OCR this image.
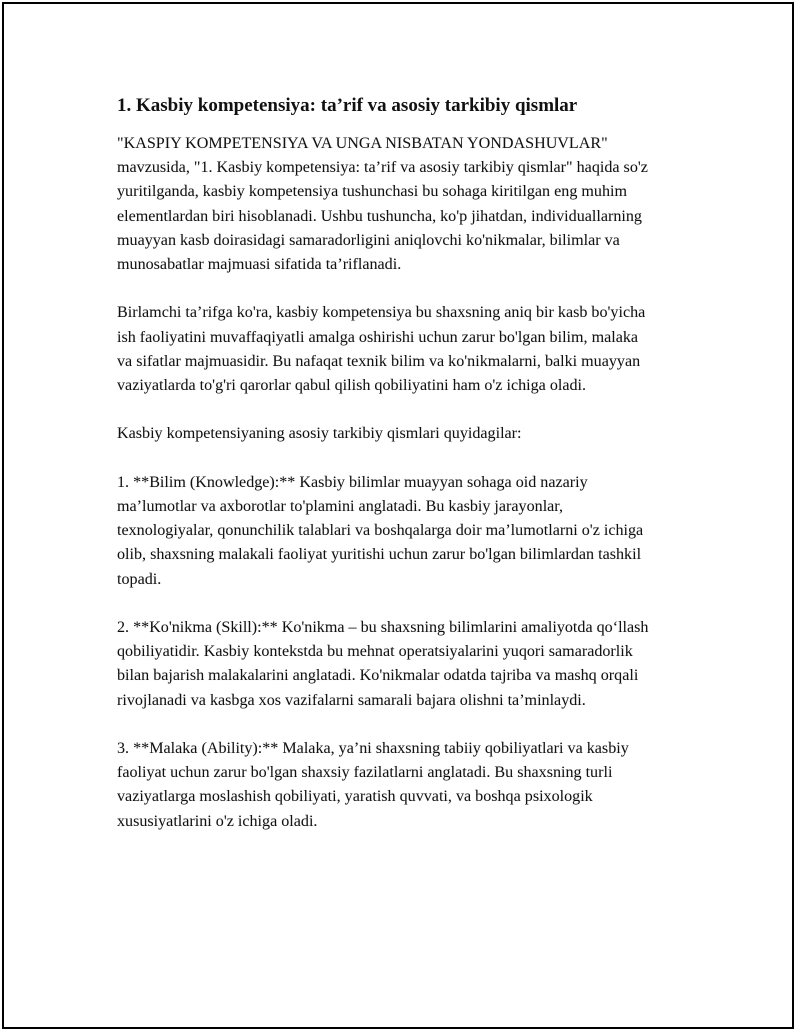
1. Kasbiy kompetensiya: ta’rif va asosiy tarkibiy qismlar

"KASPIY KOMPETENSIYA VA UNGA NISBATAN YONDASHUVLAR" mavzusida, "1. Kasbiy kompetensiya: ta’rif va asosiy tarkibiy qismlar" haqida so'z yuritilganda, kasbiy kompetensiya tushunchasi bu sohaga kiritilgan eng muhim elementlardan biri hisoblanadi. Ushbu tushuncha, ko'p jihatdan, individuallarning muayyan kasb doirasidagi samaradorligini aniqlovchi ko'nikmalar, bilimlar va munosabatlar majmuasi sifatida ta’riflanadi.

Birlamchi ta’rifga ko'ra, kasbiy kompetensiya bu shaxsning aniq bir kasb bo'yicha ish faoliyatini muvaffaqiyatli amalga oshirishi uchun zarur bo'lgan bilim, malaka va sifatlar majmuasidir. Bu nafaqat texnik bilim va ko'nikmalarni, balki muayyan vaziyatlarda to'g'ri qarorlar qabul qilish qobiliyatini ham o'z ichiga oladi.

Kasbiy kompetensiyaning asosiy tarkibiy qismlari quyidagilar:

1. **Bilim (Knowledge):** Kasbiy bilimlar muayyan sohaga oid nazariy ma’lumotlar va axborotlar to'plamini anglatadi. Bu kasbiy jarayonlar, texnologiyalar, qonunchilik talablari va boshqalarga doir ma’lumotlarni o'z ichiga olib, shaxsning malakali faoliyat yuritishi uchun zarur bo'lgan bilimlardan tashkil topadi.

2. **Ko'nikma (Skill):** Ko'nikma – bu shaxsning bilimlarini amaliyotda qo‘llash qobiliyatidir. Kasbiy kontekstda bu mehnat operatsiyalarini yuqori samaradorlik bilan bajarish malakalarini anglatadi. Ko'nikmalar odatda tajriba va mashq orqali rivojlanadi va kasbga xos vazifalarni samarali bajara olishni ta’minlaydi.

3. **Malaka (Ability):** Malaka, ya’ni shaxsning tabiiy qobiliyatlari va kasbiy faoliyat uchun zarur bo'lgan shaxsiy fazilatlarni anglatadi. Bu shaxsning turli vaziyatlarga moslashish qobiliyati, yaratish quvvati, va boshqa psixologik xususiyatlarini o'z ichiga oladi.
